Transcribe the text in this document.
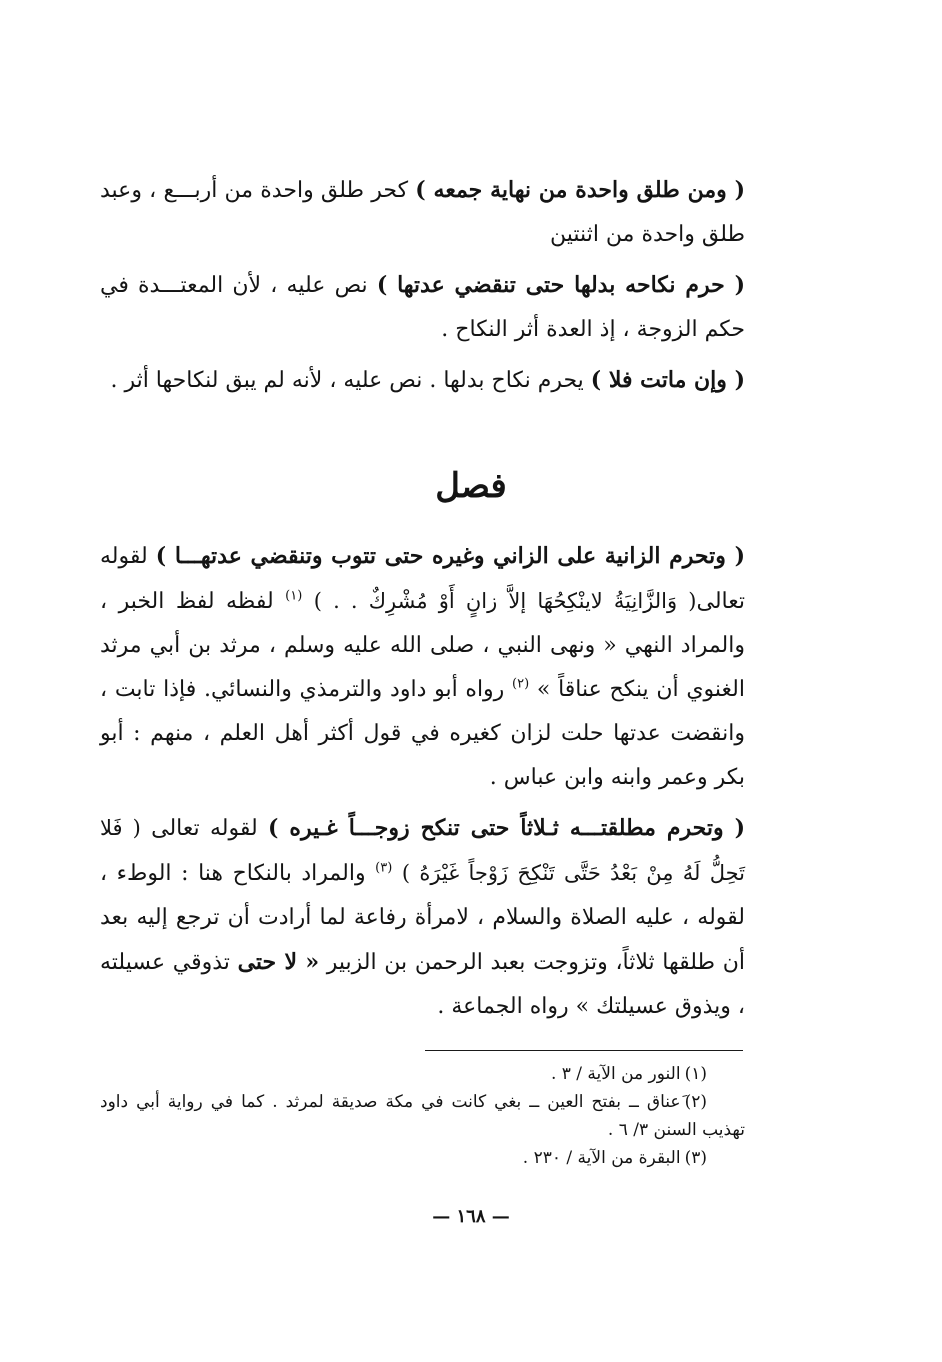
( ومن طلق واحدة من نهاية جمعه ) كحر طلق واحدة من أربـــع ، وعبد طلق واحدة من اثنتين

( حرم نكاحه بدلها حتى تنقضي عدتها ) نص عليه ، لأن المعتـــدة في حكم الزوجة ، إذ العدة أثر النكاح .

( وإن ماتت فلا ) يحرم نكاح بدلها . نص عليه ، لأنه لم يبق لنكاحها أثر .

فصل

( وتحرم الزانية على الزاني وغيره حتى تتوب وتنقضي عدتهـــا ) لقوله تعالى( وَالزَّانِيَةُ لاينْكِحُهَا إلاَّ زانٍ أَوْ مُشْرِكٌ . . ) $^{(١)}$ لفظه لفظ الخبر ، والمراد النهي « ونهى النبي ، صلى الله عليه وسلم ، مرثد بن أبي مرثد الغنوي أن ينكح عناقاً » $^{(٢)}$ رواه أبو داود والترمذي والنسائي. فإذا تابت ، وانقضت عدتها حلت لزان كغيره في قول أكثر أهل العلم ، منهم : أبو بكر وعمر وابنه وابن عباس .

( وتحرم مطلقتـــه ثـلاثاً حتى تنكح زوجـــاً غـيره ) لقوله تعالى ( فَلا تَحِلُّ لَهُ مِنْ بَعْدُ حَتَّى تَنْكِحَ زَوْجاً غَيْرَهُ ) $^{(٣)}$ والمراد بالنكاح هنا : الوطء ، لقوله ، عليه الصلاة والسلام ، لامرأة رفاعة لما أرادت أن ترجع إليه بعد أن طلقها ثلاثاً، وتزوجت بعبد الرحمن بن الزبير « لا حتى تذوقي عسيلته ، ويذوق عسيلتك » رواه الجماعة .

(١)النور من الآية / ٣ .

(٢)َعناق ــ بفتح العين ــ بغي كانت في مكة صديقة لمرثد . كما في رواية أبي داود تهذيب السنن ٣/ ٦ .

(٣)البقرة من الآية / ٢٣٠ .

— ١٦٨ —
